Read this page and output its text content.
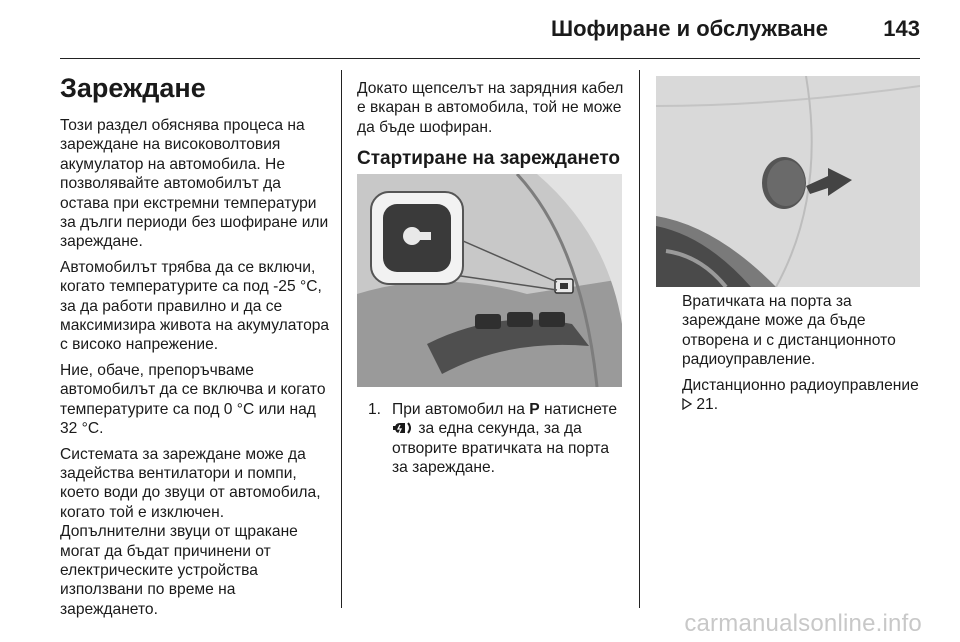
Шофиране и обслужване	143
Зареждане

Този раздел обяснява процеса на зареждане на високоволтовия акумулатор на автомобила. Не позволявайте автомобилът да остава при екстремни температури за дълги периоди без шофиране или зареждане.

Автомобилът трябва да се включи, когато температурите са под -25 °C, за да работи правилно и да се максимизира живота на акумулатора с високо напрежение.

Ние, обаче, препоръчваме автомобилът да се включва и когато температурите са под 0 °C или над 32 °C.

Системата за зареждане може да задейства вентилатори и помпи, което води до звуци от автомобила, когато той е изключен. Допълнителни звуци от щракане могат да бъдат причинени от електрическите устройства използвани по време на зареждането.

Докато щепселът на зарядния кабел е вкаран в автомобила, той не може да бъде шофиран.

Стартиране на зареждането
1. При автомобил на P натиснете  за една секунда, за да отворите вратичката на порта за зареждане.

Вратичката на порта за зареждане може да бъде отворена и с дистанционното радиоуправление.

Дистанционно радиоуправление  21.

carmanualsonline.info
